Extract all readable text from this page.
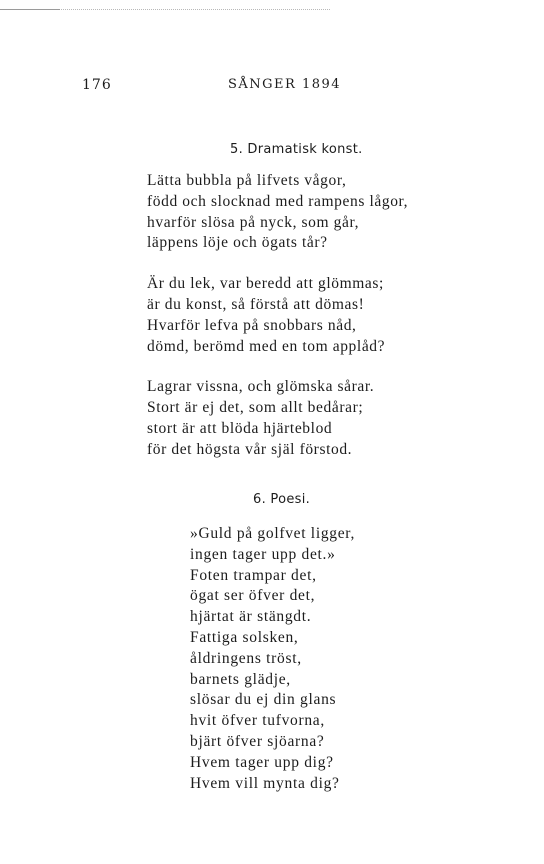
176	SÅNGER 1894
5. Dramatisk konst.
Lätta bubbla på lifvets vågor,
född och slocknad med rampens lågor,
hvarför slösa på nyck, som går,
läppens löje och ögats tår?
Är du lek, var beredd att glömmas;
är du konst, så förstå att dömas!
Hvarför lefva på snobbars nåd,
dömd, berömd med en tom applåd?
Lagrar vissna, och glömska sårar.
Stort är ej det, som allt bedårar;
stort är att blöda hjärteblod
för det högsta vår själ förstod.
6. Poesi.
»Guld på golfvet ligger,
ingen tager upp det.»
Foten trampar det,
ögat ser öfver det,
hjärtat är stängdt.
Fattiga solsken,
åldringens tröst,
barnets glädje,
slösar du ej din glans
hvit öfver tufvorna,
bjärt öfver sjöarna?
Hvem tager upp dig?
Hvem vill mynta dig?
